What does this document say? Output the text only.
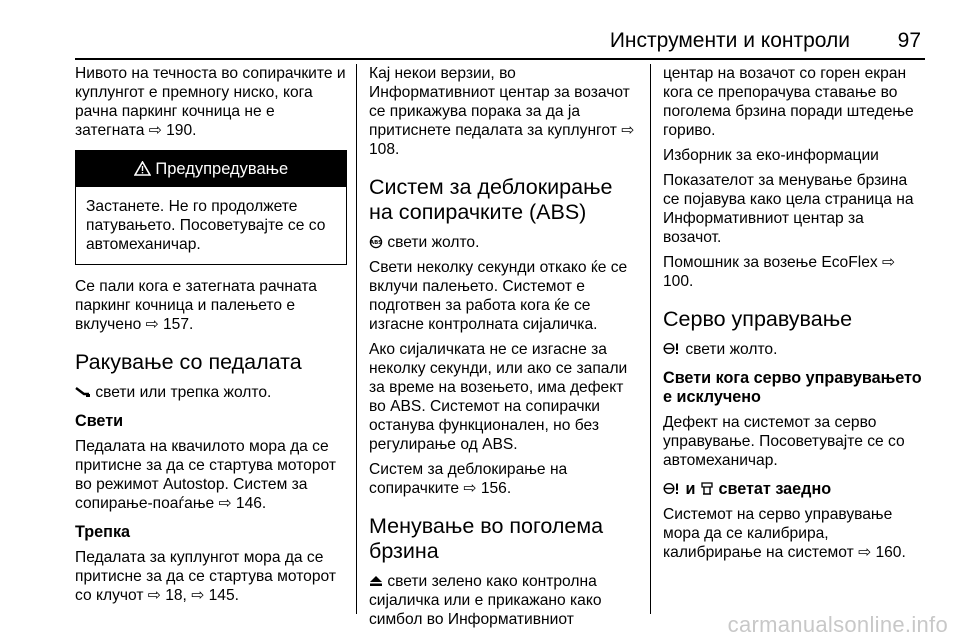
Инструменти и контроли 97

Нивото на течноста во сопирачките и куплунгот е премногу ниско, кога рачна паркинг кочница не е затегната ⇨ 190.

Предупредување

Застанете. Не го продолжете патувањето. Посоветувајте се со автомеханичар.

Се пали кога е затегната рачната паркинг кочница и палењето е вклучено ⇨ 157.

Ракување со педалата

свети или трепка жолто.

Свети

Педалата на квачилото мора да се притисне за да се стартува моторот во режимот Autostop. Систем за сопирање-поаѓање ⇨ 146.

Трепка

Педалата за куплунгот мора да се притисне за да се стартува моторот со клучот ⇨ 18, ⇨ 145.

Кај некои верзии, во Информативниот центар за возачот се прикажува порака за да ја притиснете педалата за куплунгот ⇨ 108.

Систем за деблокирање на сопирачките (ABS)

ABS свети жолто.

Свети неколку секунди откако ќе се вклучи палењето. Системот е подготвен за работа кога ќе се изгасне контролната сијаличка.

Ако сијаличката не се изгасне за неколку секунди, или ако се запали за време на возењето, има дефект во ABS. Системот на сопирачки останува функционален, но без регулирање од ABS.

Систем за деблокирање на сопирачките ⇨ 156.

Менување во поголема брзина

свети зелено како контролна сијаличка или е прикажано како симбол во Информативниот

центар на возачот со горен екран кога се препорачува ставање во поголема брзина поради штедење гориво.

Изборник за еко-информации

Показателот за менување брзина се појавува како цела страница на Информативниот центар за возачот.

Помошник за возење EcoFlex ⇨ 100.

Серво управување

свети жолто.

Свети кога серво управувањето е исклучено

Дефект на системот за серво управување. Посоветувајте се со автомеханичар.

и светат заедно

Системот на серво управување мора да се калибрира, калибрирање на системот ⇨ 160.

carmanualsonline.info
